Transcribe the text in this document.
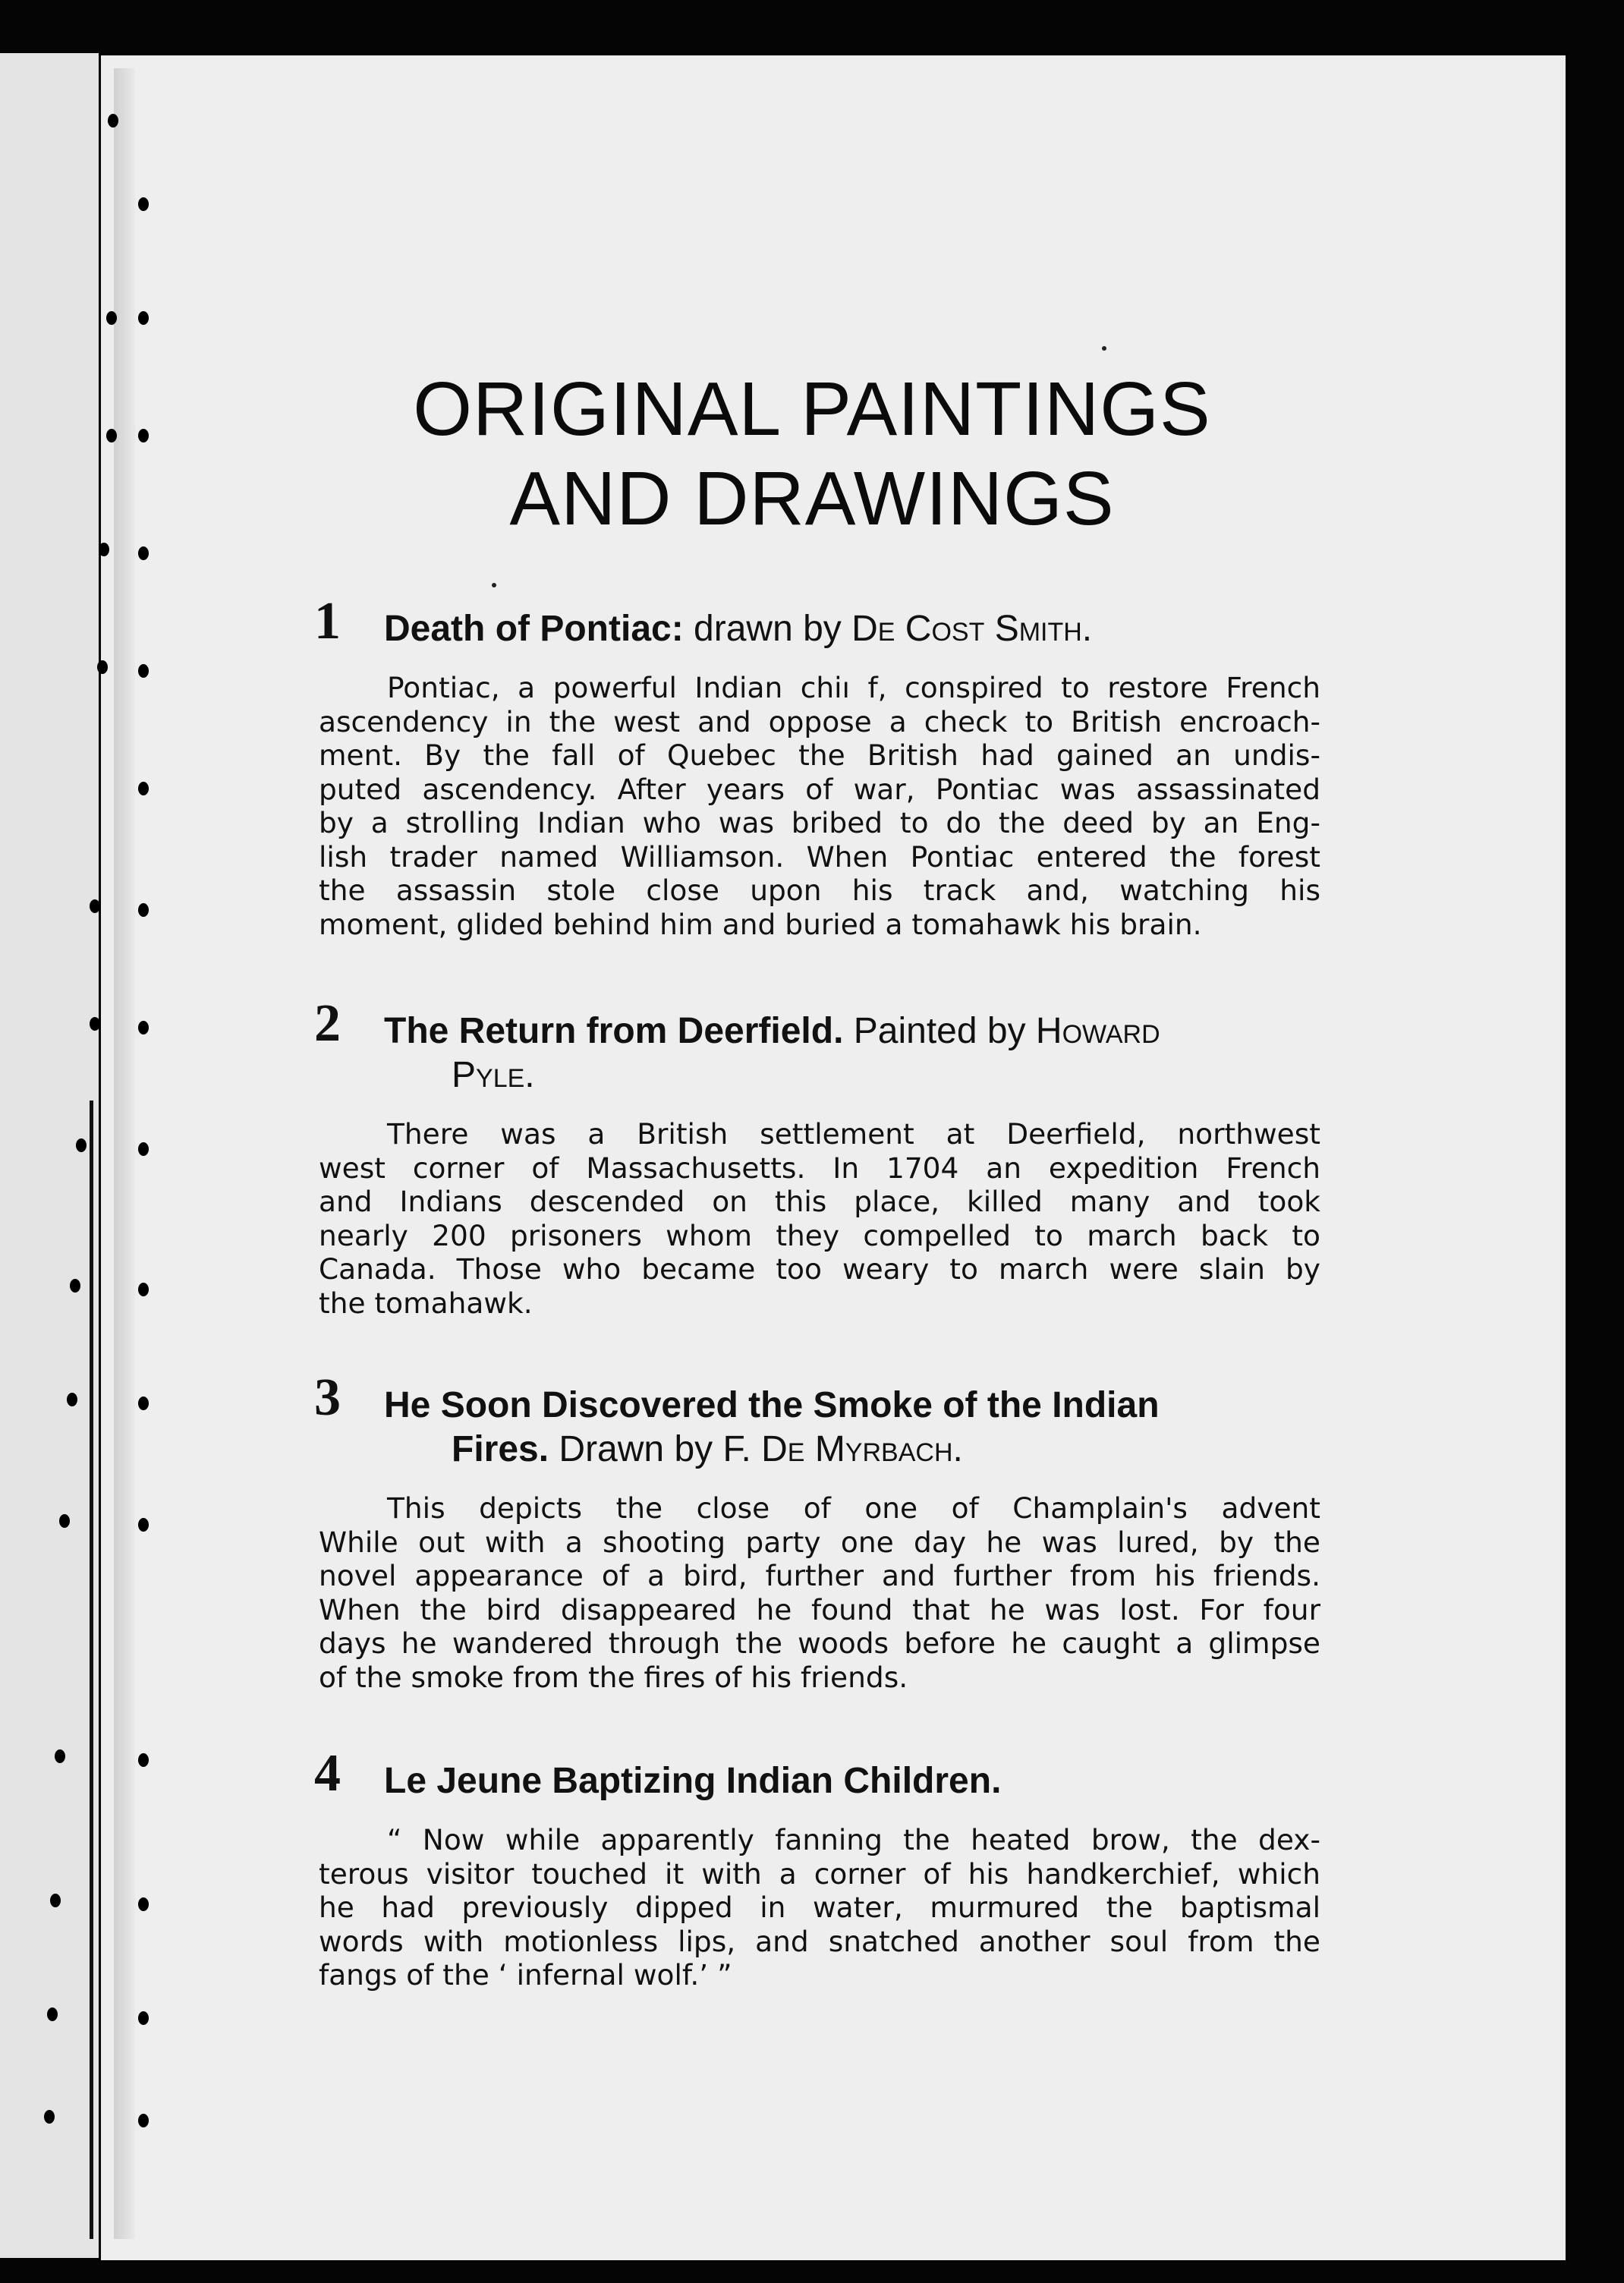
ORIGINAL PAINTINGS
AND DRAWINGS
1	Death of Pontiac: drawn by De Cost Smith.
Pontiac, a powerful Indian chiı f, conspired to restore French
ascendency in the west and oppose a check to British encroach-
ment. By the fall of Quebec the British had gained an undis-
puted ascendency. After years of war, Pontiac was assassinated
by a strolling Indian who was bribed to do the deed by an Eng-
lish trader named Williamson. When Pontiac entered the forest
the assassin stole close upon his track and, watching his
moment, glided behind him and buried a tomahawk his brain.
2	The Return from Deerfield. Painted by Howard
Pyle.
There was a British settlement at Deerfield, northwest
west corner of Massachusetts. In 1704 an expedition French
and Indians descended on this place, killed many and took
nearly 200 prisoners whom they compelled to march back to
Canada. Those who became too weary to march were slain by
the tomahawk.
3	He Soon Discovered the Smoke of the Indian
Fires. Drawn by F. De Myrbach.
This depicts the close of one of Champlain's advent
While out with a shooting party one day he was lured, by the
novel appearance of a bird, further and further from his friends.
When the bird disappeared he found that he was lost. For four
days he wandered through the woods before he caught a glimpse
of the smoke from the fires of his friends.
4	Le Jeune Baptizing Indian Children.
“ Now while apparently fanning the heated brow, the dex-
terous visitor touched it with a corner of his handkerchief, which
he had previously dipped in water, murmured the baptismal
words with motionless lips, and snatched another soul from the
fangs of the ‘ infernal wolf.’ ”
